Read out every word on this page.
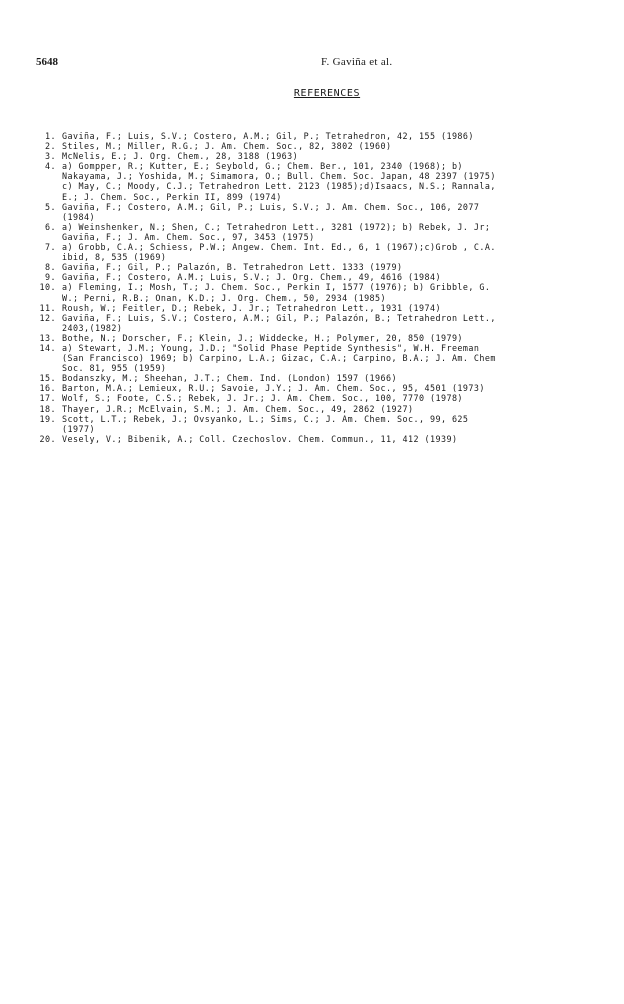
5648	F. Gaviña et al.
REFERENCES
1. Gaviña, F.; Luis, S.V.; Costero, A.M.; Gil, P.; Tetrahedron, 42, 155 (1986)
2. Stiles, M.; Miller, R.G.; J. Am. Chem. Soc., 82, 3802 (1960)
3. McNelis, E.; J. Org. Chem., 28, 3188 (1963)
4. a) Gompper, R.; Kutter, E.; Seybold, G.; Chem. Ber., 101, 2340 (1968); b)
Nakayama, J.; Yoshida, M.; Simamora, O.; Bull. Chem. Soc. Japan, 48 2397 (1975)
c) May, C.; Moody, C.J.; Tetrahedron Lett. 2123 (1985);d)Isaacs, N.S.; Rannala,
E.; J. Chem. Soc., Perkin II, 899 (1974)
5. Gaviña, F.; Costero, A.M.; Gil, P.; Luis, S.V.; J. Am. Chem. Soc., 106, 2077
(1984)
6. a) Weinshenker, N.; Shen, C.; Tetrahedron Lett., 3281 (1972); b) Rebek, J. Jr;
Gaviña, F.; J. Am. Chem. Soc., 97, 3453 (1975)
7. a) Grobb, C.A.; Schiess, P.W.; Angew. Chem. Int. Ed., 6, 1 (1967);c)Grob , C.A.
ibid, 8, 535 (1969)
8. Gaviña, F.; Gil, P.; Palazón, B. Tetrahedron Lett. 1333 (1979)
9. Gaviña, F.; Costero, A.M.; Luis, S.V.; J. Org. Chem., 49, 4616 (1984)
10. a) Fleming, I.; Mosh, T.; J. Chem. Soc., Perkin I, 1577 (1976); b) Gribble, G.
W.; Perni, R.B.; Onan, K.D.; J. Org. Chem., 50, 2934 (1985)
11. Roush, W.; Feitler, D.; Rebek, J. Jr.; Tetrahedron Lett., 1931 (1974)
12. Gaviña, F.; Luis, S.V.; Costero, A.M.; Gil, P.; Palazón, B.; Tetrahedron Lett.,
2403,(1982)
13. Bothe, N.; Dorscher, F.; Klein, J.; Widdecke, H.; Polymer, 20, 850 (1979)
14. a) Stewart, J.M.; Young, J.D.; "Solid Phase Peptide Synthesis", W.H. Freeman
(San Francisco) 1969; b) Carpino, L.A.; Gizac, C.A.; Carpino, B.A.; J. Am. Chem
Soc. 81, 955 (1959)
15. Bodanszky, M.; Sheehan, J.T.; Chem. Ind. (London) 1597 (1966)
16. Barton, M.A.; Lemieux, R.U.; Savoie, J.Y.; J. Am. Chem. Soc., 95, 4501 (1973)
17. Wolf, S.; Foote, C.S.; Rebek, J. Jr.; J. Am. Chem. Soc., 100, 7770 (1978)
18. Thayer, J.R.; McElvain, S.M.; J. Am. Chem. Soc., 49, 2862 (1927)
19. Scott, L.T.; Rebek, J.; Ovsyanko, L.; Sims, C.; J. Am. Chem. Soc., 99, 625
(1977)
20. Vesely, V.; Bibenik, A.; Coll. Czechoslov. Chem. Commun., 11, 412 (1939)
